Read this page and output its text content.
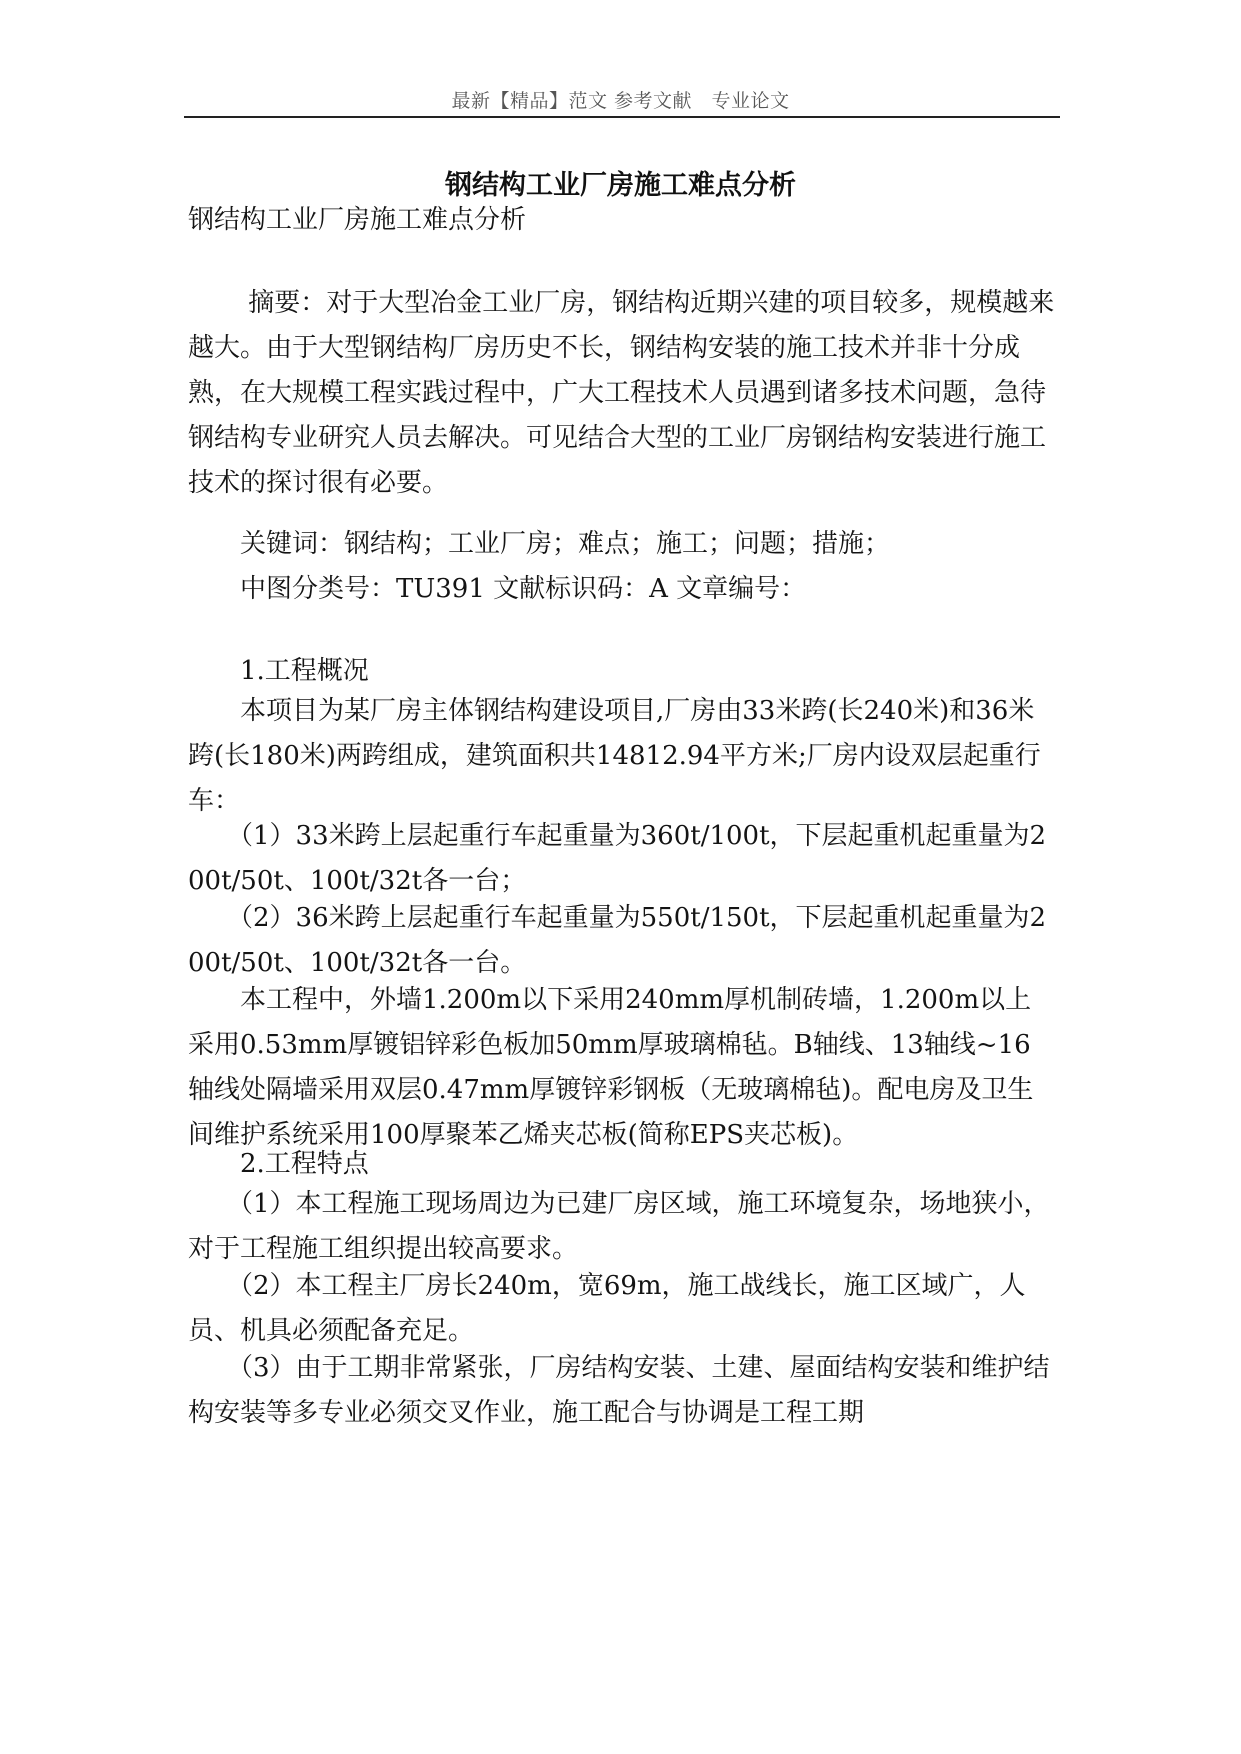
最新【精品】范文 参考文献　专业论文
钢结构工业厂房施工难点分析
钢结构工业厂房施工难点分析
　　 摘要：对于大型冶金工业厂房，钢结构近期兴建的项目较多，规模越来越大。由于大型钢结构厂房历史不长，钢结构安装的施工技术并非十分成熟，在大规模工程实践过程中，广大工程技术人员遇到诸多技术问题，急待钢结构专业研究人员去解决。可见结合大型的工业厂房钢结构安装进行施工技术的探讨很有必要。
　　关键词：钢结构；工业厂房；难点；施工；问题；措施；
　　中图分类号：TU391 文献标识码：A 文章编号：
　　1.工程概况
　　本项目为某厂房主体钢结构建设项目,厂房由33米跨(长240米)和36米跨(长180米)两跨组成，建筑面积共14812.94平方米;厂房内设双层起重行车：
　　（1）33米跨上层起重行车起重量为360t/100t，下层起重机起重量为200t/50t、100t/32t各一台；
　　（2）36米跨上层起重行车起重量为550t/150t，下层起重机起重量为200t/50t、100t/32t各一台。
　　本工程中，外墙1.200m以下采用240mm厚机制砖墙，1.200m以上采用0.53mm厚镀铝锌彩色板加50mm厚玻璃棉毡。B轴线、13轴线~16轴线处隔墙采用双层0.47mm厚镀锌彩钢板（无玻璃棉毡)。配电房及卫生间维护系统采用100厚聚苯乙烯夹芯板(简称EPS夹芯板)。
　　2.工程特点
　　（1）本工程施工现场周边为已建厂房区域，施工环境复杂，场地狭小，对于工程施工组织提出较高要求。
　　（2）本工程主厂房长240m，宽69m，施工战线长，施工区域广，人员、机具必须配备充足。
　　（3）由于工期非常紧张，厂房结构安装、土建、屋面结构安装和维护结构安装等多专业必须交叉作业，施工配合与协调是工程工期
